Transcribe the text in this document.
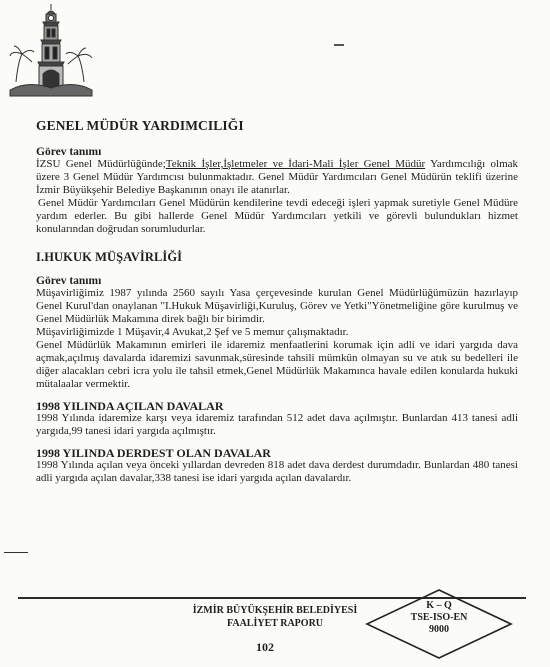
GENEL MÜDÜR YARDIMCILIĞI

Görev tanımı

İZSU Genel Müdürlüğünde;Teknik İşler,İşletmeler ve İdari-Mali İşler Genel Müdür Yardımcılığı olmak üzere 3 Genel Müdür Yardımcısı bulunmaktadır. Genel Müdür Yardımcıları Genel Müdürün teklifi üzerine İzmir Büyükşehir Belediye Başkanının onayı ile atanırlar.

Genel Müdür Yardımcıları Genel Müdürün kendilerine tevdi edeceği işleri yapmak suretiyle Genel Müdüre yardım ederler. Bu gibi hallerde Genel Müdür Yardımcıları yetkili ve görevli bulundukları hizmet konularından doğrudan sorumludurlar.

I.HUKUK MÜŞAVİRLİĞİ

Görev tanımı

Müşavirliğimiz 1987 yılında 2560 sayılı Yasa çerçevesinde kurulan Genel Müdürlüğümüzün hazırlayıp Genel Kurul'dan onaylanan "I.Hukuk Müşavirliği,Kuruluş, Görev ve Yetki"Yönetmeliğine göre kurulmuş ve Genel Müdürlük Makamına direk bağlı bir birimdir.

Müşavirliğimizde 1 Müşavir,4 Avukat,2 Şef ve 5 memur çalışmaktadır.

Genel Müdürlük Makamının emirleri ile idaremiz menfaatlerini korumak için adli ve idari yargıda dava açmak,açılmış davalarda idaremizi savunmak,süresinde tahsili mümkün olmayan su ve atık su bedelleri ile diğer alacakları cebri icra yolu ile tahsil etmek,Genel Müdürlük Makamınca havale edilen konularda hukuki mütalaalar vermektir.

1998 YILINDA AÇILAN DAVALAR

1998 Yılında idaremize karşı veya idaremiz tarafından 512 adet dava açılmıştır. Bunlardan 413 tanesi adli yargıda,99 tanesi idari yargıda açılmıştır.

1998 YILINDA DERDEST OLAN DAVALAR

1998 Yılında açılan veya önceki yıllardan devreden 818 adet dava derdest durumdadır. Bunlardan 480 tanesi adli yargıda açılan davalar,338 tanesi ise idari yargıda açılan davalardır.

İZMİR BÜYÜKŞEHİR BELEDİYESİ
FAALİYET RAPORU
102
K – Q
TSE-ISO-EN
9000
